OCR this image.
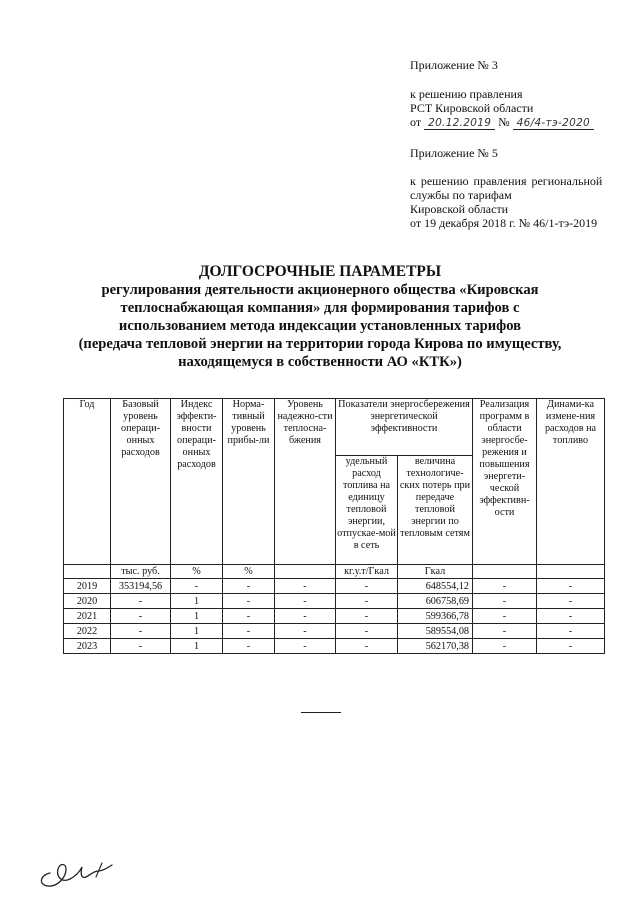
Приложение № 3
к решению правления
РСТ Кировской области
от 20.12.2019 № 46/4-тэ-2020
Приложение № 5
к решению правления региональной
службы по тарифам
Кировской области
от 19 декабря 2018 г. № 46/1-тэ-2019
ДОЛГОСРОЧНЫЕ ПАРАМЕТРЫ
регулирования деятельности акционерного общества «Кировская
теплоснабжающая компания» для формирования тарифов с
использованием метода индексации установленных тарифов
(передача тепловой энергии на территории города Кирова по имуществу,
находящемуся в собственности АО «КТК»)
Год	Базовый уровень операци-онных расходов	Индекс эффекти-вности операци-онных расходов	Норма-тивный уровень прибы-ли	Уровень надежно-сти теплосна-бжения	Показатели энергосбережения энергетической эффективности		Реализация программ в области энергосбе-режения и повышения энергети-ческой эффективн-ости	Динами-ка измене-ния расходов на топливо
					удельный расход топлива на единицу тепловой энергии, отпускае-мой в сеть	величина технологиче-ских потерь при передаче тепловой энергии по тепловым сетям		
	тыс. руб.	%	%		кг.у.т/Гкал	Гкал		
2019	353194,56	-	-	-	-	648554,12	-	-
2020	-	1	-	-	-	606758,69	-	-
2021	-	1	-	-	-	599366,78	-	-
2022	-	1	-	-	-	589554,08	-	-
2023	-	1	-	-	-	562170,38	-	-
